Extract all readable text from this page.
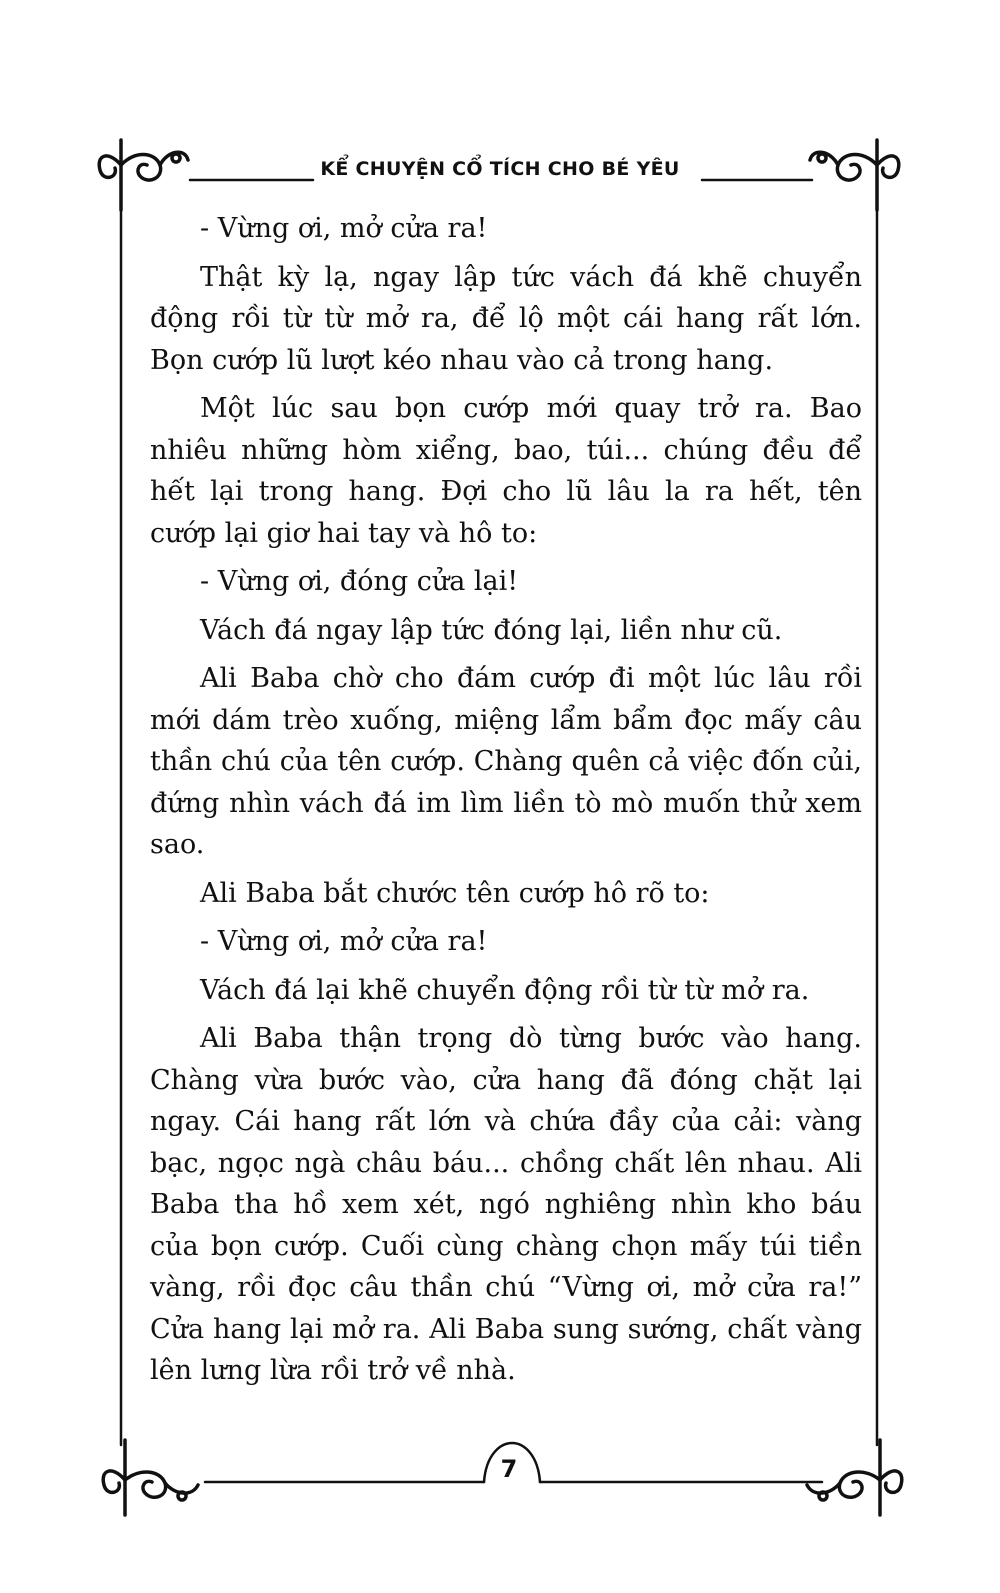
KỂ CHUYỆN CỔ TÍCH CHO BÉ YÊU

- Vừng ơi, mở cửa ra!

Thật kỳ lạ, ngay lập tức vách đá khẽ chuyển động rồi từ từ mở ra, để lộ một cái hang rất lớn. Bọn cướp lũ lượt kéo nhau vào cả trong hang.

Một lúc sau bọn cướp mới quay trở ra. Bao nhiêu những hòm xiểng, bao, túi... chúng đều để hết lại trong hang. Đợi cho lũ lâu la ra hết, tên cướp lại giơ hai tay và hô to:

- Vừng ơi, đóng cửa lại!

Vách đá ngay lập tức đóng lại, liền như cũ.

Ali Baba chờ cho đám cướp đi một lúc lâu rồi mới dám trèo xuống, miệng lẩm bẩm đọc mấy câu thần chú của tên cướp. Chàng quên cả việc đốn củi, đứng nhìn vách đá im lìm liền tò mò muốn thử xem sao.

Ali Baba bắt chước tên cướp hô rõ to:

- Vừng ơi, mở cửa ra!

Vách đá lại khẽ chuyển động rồi từ từ mở ra.

Ali Baba thận trọng dò từng bước vào hang. Chàng vừa bước vào, cửa hang đã đóng chặt lại ngay. Cái hang rất lớn và chứa đầy của cải: vàng bạc, ngọc ngà châu báu... chồng chất lên nhau. Ali Baba tha hồ xem xét, ngó nghiêng nhìn kho báu của bọn cướp. Cuối cùng chàng chọn mấy túi tiền vàng, rồi đọc câu thần chú “Vừng ơi, mở cửa ra!” Cửa hang lại mở ra. Ali Baba sung sướng, chất vàng lên lưng lừa rồi trở về nhà.

7
